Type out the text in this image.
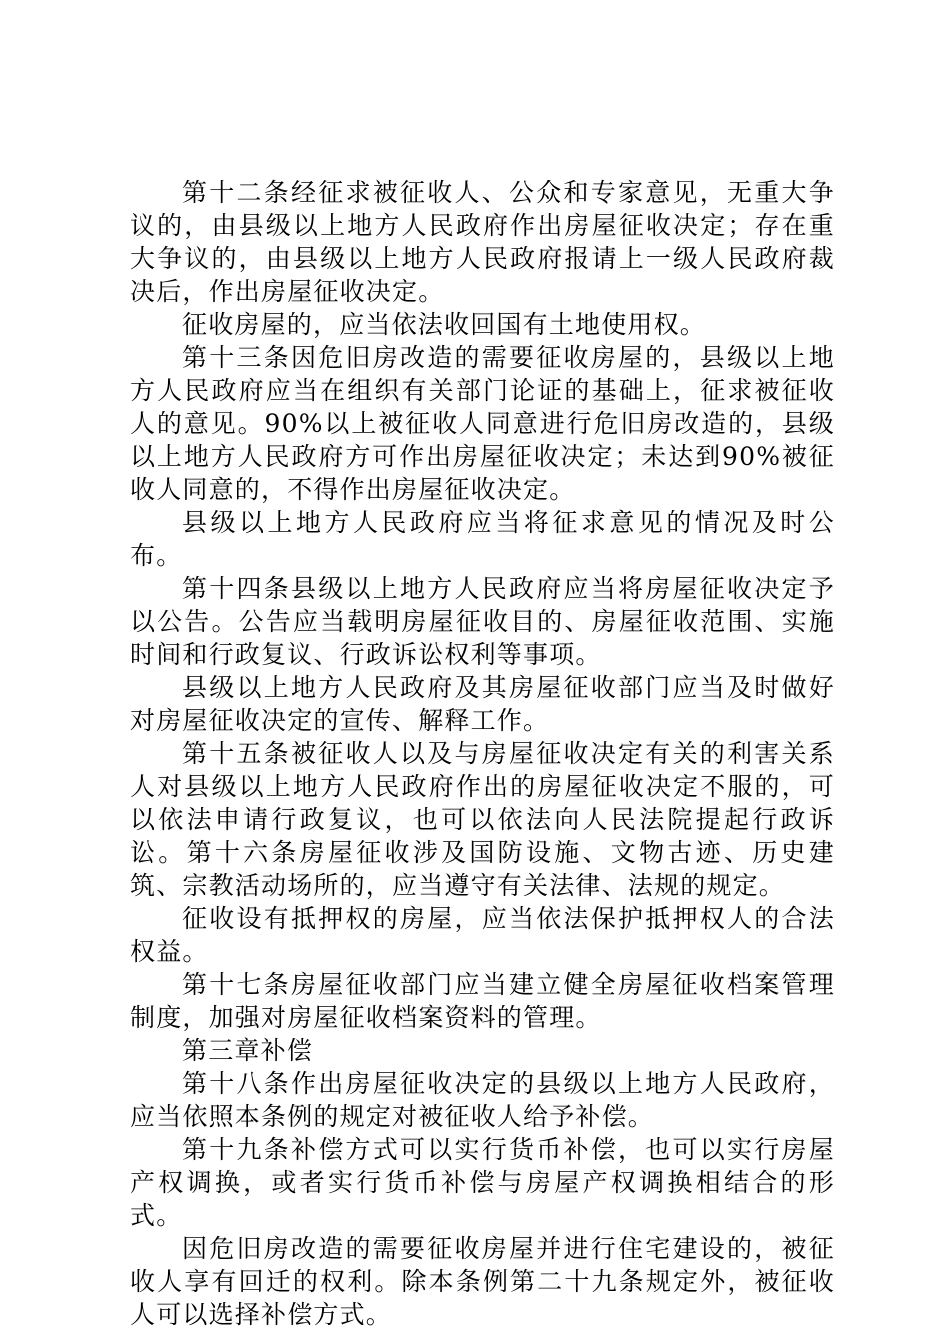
第十二条经征求被征收人、公众和专家意见，无重大争议的，由县级以上地方人民政府作出房屋征收决定；存在重大争议的，由县级以上地方人民政府报请上一级人民政府裁决后，作出房屋征收决定。

征收房屋的，应当依法收回国有土地使用权。

第十三条因危旧房改造的需要征收房屋的，县级以上地方人民政府应当在组织有关部门论证的基础上，征求被征收人的意见。90%以上被征收人同意进行危旧房改造的，县级以上地方人民政府方可作出房屋征收决定；未达到90%被征收人同意的，不得作出房屋征收决定。

县级以上地方人民政府应当将征求意见的情况及时公布。

第十四条县级以上地方人民政府应当将房屋征收决定予以公告。公告应当载明房屋征收目的、房屋征收范围、实施时间和行政复议、行政诉讼权利等事项。

县级以上地方人民政府及其房屋征收部门应当及时做好对房屋征收决定的宣传、解释工作。

第十五条被征收人以及与房屋征收决定有关的利害关系人对县级以上地方人民政府作出的房屋征收决定不服的，可以依法申请行政复议，也可以依法向人民法院提起行政诉讼。第十六条房屋征收涉及国防设施、文物古迹、历史建筑、宗教活动场所的，应当遵守有关法律、法规的规定。

征收设有抵押权的房屋，应当依法保护抵押权人的合法权益。

第十七条房屋征收部门应当建立健全房屋征收档案管理制度，加强对房屋征收档案资料的管理。

第三章补偿

第十八条作出房屋征收决定的县级以上地方人民政府，应当依照本条例的规定对被征收人给予补偿。

第十九条补偿方式可以实行货币补偿，也可以实行房屋产权调换，或者实行货币补偿与房屋产权调换相结合的形式。

因危旧房改造的需要征收房屋并进行住宅建设的，被征收人享有回迁的权利。除本条例第二十九条规定外，被征收人可以选择补偿方式。
